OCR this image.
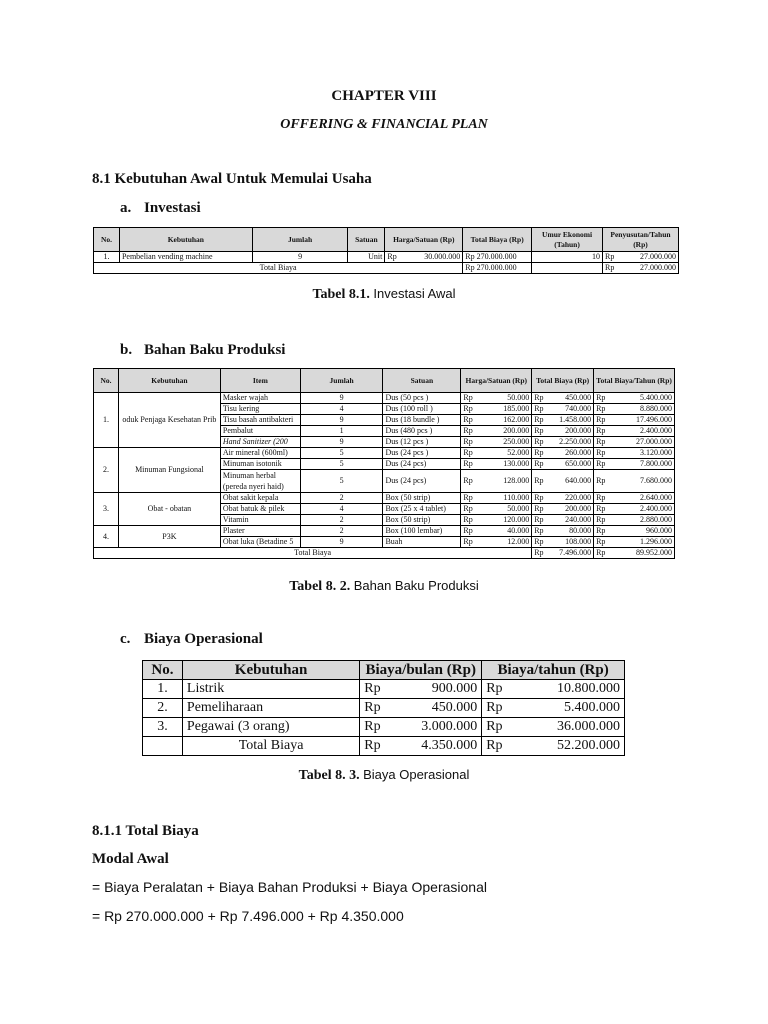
CHAPTER VIII
OFFERING & FINANCIAL PLAN
8.1 Kebutuhan Awal Untuk Memulai Usaha
a. Investasi
No.	Kebutuhan	Jumlah	Satuan	Harga/Satuan (Rp)		Total Biaya (Rp)	Umur Ekonomi (Tahun)	Penyusutan/Tahun (Rp)	
1.	Pembelian vending machine	9	Unit	Rp	30.000.000	Rp 270.000.000	10	Rp	27.000.000
Total Biaya						Rp 270.000.000		Rp	27.000.000
Tabel 8.1. Investasi Awal
b. Bahan Baku Produksi
No.	Kebutuhan	Item	Jumlah	Satuan	Harga/Satuan (Rp)		Total Biaya (Rp)		Total Biaya/Tahun (Rp)	
1.	oduk Penjaga Kesehatan Prib	Masker wajah	9	Dus (50 pcs )	Rp	50.000	Rp	450.000	Rp	5.400.000
		Tisu kering	4	Dus (100 roll )	Rp	185.000	Rp	740.000	Rp	8.880.000
		Tisu basah antibakteri	9	Dus (18 bundle )	Rp	162.000	Rp	1.458.000	Rp	17.496.000
		Pembalut	1	Dus (480 pcs )	Rp	200.000	Rp	200.000	Rp	2.400.000
		Hand Sanitizer (200	9	Dus (12 pcs )	Rp	250.000	Rp	2.250.000	Rp	27.000.000
2.	Minuman Fungsional	Air mineral (600ml)	5	Dus (24 pcs )	Rp	52.000	Rp	260.000	Rp	3.120.000
		Minuman isotonik	5	Dus (24 pcs)	Rp	130.000	Rp	650.000	Rp	7.800.000
		Minuman herbal (pereda nyeri haid)	5	Dus (24 pcs)	Rp	128.000	Rp	640.000	Rp	7.680.000
3.	Obat - obatan	Obat sakit kepala	2	Box (50 strip)	Rp	110.000	Rp	220.000	Rp	2.640.000
		Obat batuk & pilek	4	Box (25 x 4 tablet)	Rp	50.000	Rp	200.000	Rp	2.400.000
		Vitamin	2	Box (50 strip)	Rp	120.000	Rp	240.000	Rp	2.880.000
4.	P3K	Plaster	2	Box (100 lembar)	Rp	40.000	Rp	80.000	Rp	960.000
		Obat luka (Betadine 5	9	Buah	Rp	12.000	Rp	108.000	Rp	1.296.000
Total Biaya							Rp	7.496.000	Rp	89.952.000
Tabel 8. 2. Bahan Baku Produksi
c. Biaya Operasional
No.	Kebutuhan	Biaya/bulan (Rp)		Biaya/tahun (Rp)	
1.	Listrik	Rp	900.000	Rp	10.800.000
2.	Pemeliharaan	Rp	450.000	Rp	5.400.000
3.	Pegawai (3 orang)	Rp	3.000.000	Rp	36.000.000
	Total Biaya	Rp	4.350.000	Rp	52.200.000
Tabel 8. 3. Biaya Operasional
8.1.1 Total Biaya
Modal Awal
= Biaya Peralatan + Biaya Bahan Produksi + Biaya Operasional
= Rp 270.000.000 + Rp 7.496.000 + Rp 4.350.000
